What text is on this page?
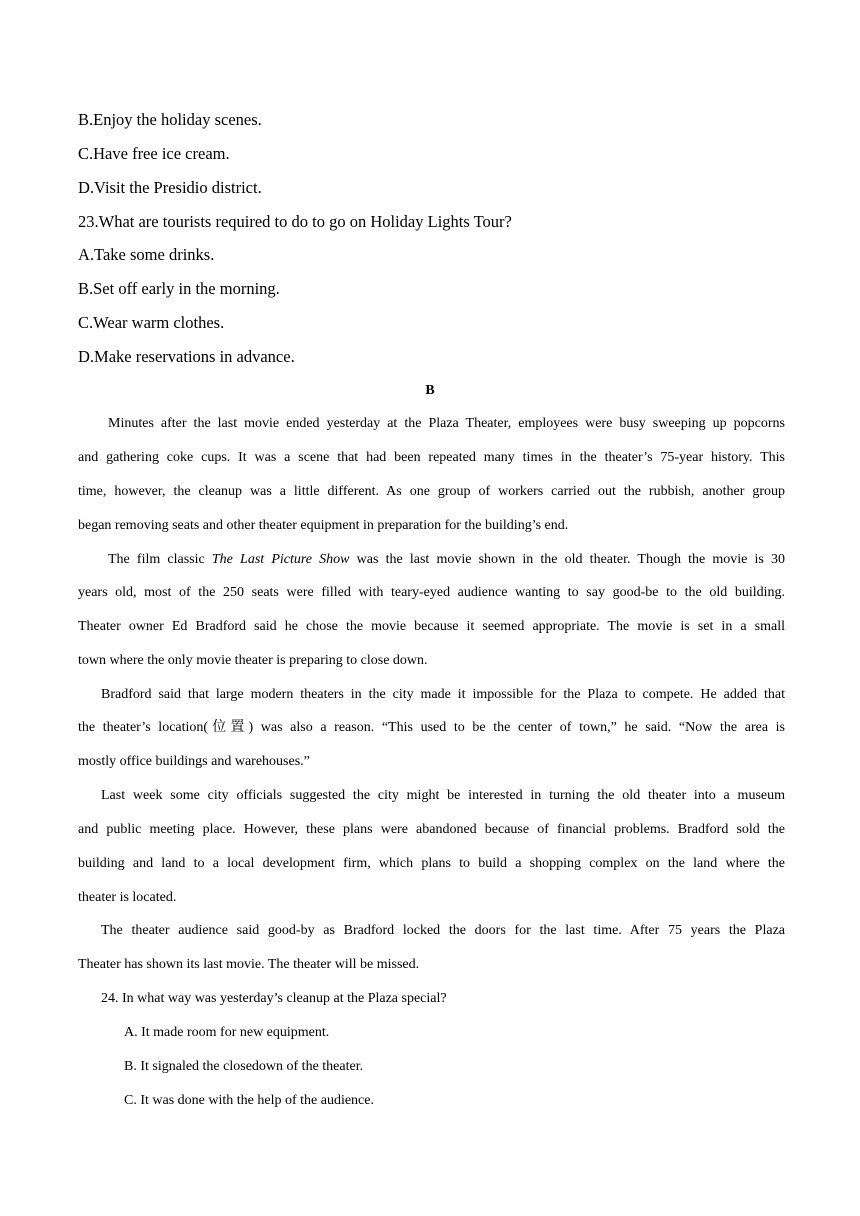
B.Enjoy the holiday scenes.
C.Have free ice cream.
D.Visit the Presidio district.
23.What are tourists required to do to go on Holiday Lights Tour?
A.Take some drinks.
B.Set off early in the morning.
C.Wear warm clothes.
D.Make reservations in advance.
B
Minutes after the last movie ended yesterday at the Plaza Theater, employees were busy sweeping up popcorns
and gathering coke cups. It was a scene that had been repeated many times in the theater’s 75-year history. This
time, however, the cleanup was a little different. As one group of workers carried out the rubbish, another group
began removing seats and other theater equipment in preparation for the building’s end.
The film classic The Last Picture Show was the last movie shown in the old theater. Though the movie is 30
years old, most of the 250 seats were filled with teary-eyed audience wanting to say good-be to the old building.
Theater owner Ed Bradford said he chose the movie because it seemed appropriate. The movie is set in a small
town where the only movie theater is preparing to close down.
Bradford said that large modern theaters in the city made it impossible for the Plaza to compete. He added that
the theater’s location(位置) was also a reason. “This used to be the center of town,” he said. “Now the area is
mostly office buildings and warehouses.”
Last week some city officials suggested the city might be interested in turning the old theater into a museum
and public meeting place. However, these plans were abandoned because of financial problems. Bradford sold the
building and land to a local development firm, which plans to build a shopping complex on the land where the
theater is located.
The theater audience said good-by as Bradford locked the doors for the last time. After 75 years the Plaza
Theater has shown its last movie. The theater will be missed.
24. In what way was yesterday’s cleanup at the Plaza special?
A. It made room for new equipment.
B. It signaled the closedown of the theater.
C. It was done with the help of the audience.
